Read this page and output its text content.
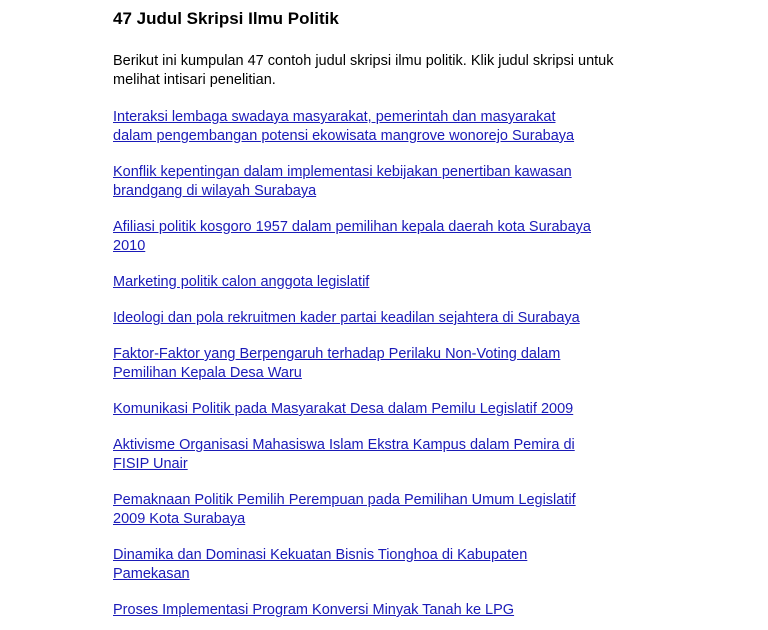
47 Judul Skripsi Ilmu Politik

Berikut ini kumpulan 47 contoh judul skripsi ilmu politik. Klik judul skripsi untuk melihat intisari penelitian.

Interaksi lembaga swadaya masyarakat, pemerintah dan masyarakat
dalam pengembangan potensi ekowisata mangrove wonorejo Surabaya
Konflik kepentingan dalam implementasi kebijakan penertiban kawasan
brandgang di wilayah Surabaya
Afiliasi politik kosgoro 1957 dalam pemilihan kepala daerah kota Surabaya
2010
Marketing politik calon anggota legislatif
Ideologi dan pola rekruitmen kader partai keadilan sejahtera di Surabaya
Faktor-Faktor yang Berpengaruh terhadap Perilaku Non-Voting dalam
Pemilihan Kepala Desa Waru
Komunikasi Politik pada Masyarakat Desa dalam Pemilu Legislatif 2009
Aktivisme Organisasi Mahasiswa Islam Ekstra Kampus dalam Pemira di
FISIP Unair
Pemaknaan Politik Pemilih Perempuan pada Pemilihan Umum Legislatif
2009 Kota Surabaya
Dinamika dan Dominasi Kekuatan Bisnis Tionghoa di Kabupaten
Pamekasan
Proses Implementasi Program Konversi Minyak Tanah ke LPG
